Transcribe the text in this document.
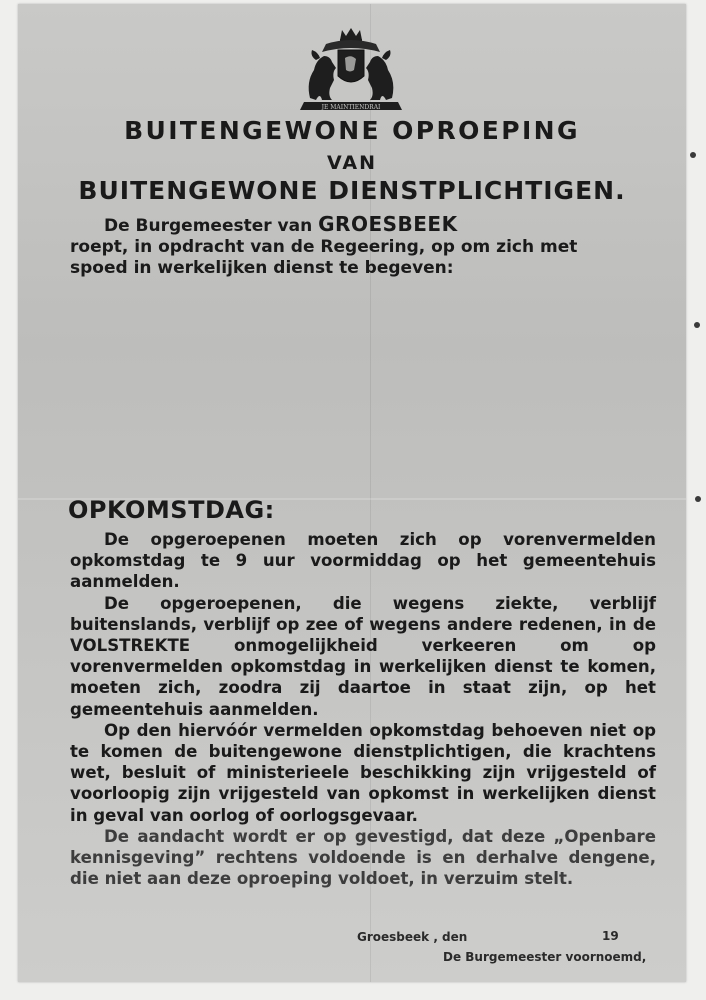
JE MAINTIENDRAI
BUITENGEWONE OPROEPING
VAN
BUITENGEWONE DIENSTPLICHTIGEN.
De Burgemeester van GROESBEEK
roept, in opdracht van de Regeering, op om zich met
spoed in werkelijken dienst te begeven:
OPKOMSTDAG:

De opgeroepenen moeten zich op vorenvermelden opkomstdag te 9 uur voormiddag op het gemeentehuis aanmelden.

De opgeroepenen, die wegens ziekte, verblijf buitenslands, verblijf op zee of wegens andere redenen, in de VOLSTREKTE	onmogelijkheid verkeeren om op vorenvermelden opkomstdag in werkelijken dienst te komen, moeten zich, zoodra zij daartoe in staat zijn, op het gemeentehuis aanmelden.

Op den hiervóór vermelden opkomstdag behoeven niet op te komen de buitengewone dienstplichtigen, die krachtens wet, besluit of ministerieele beschikking zijn vrijgesteld of voorloopig zijn vrijgesteld van opkomst in werkelijken dienst in geval van oorlog of oorlogsgevaar.

De aandacht wordt er op gevestigd, dat deze „Openbare kennisgeving” rechtens voldoende is en derhalve dengene, die niet aan deze oproeping voldoet, in verzuim stelt.

Groesbeek , den	19
De Burgemeester voornoemd,
